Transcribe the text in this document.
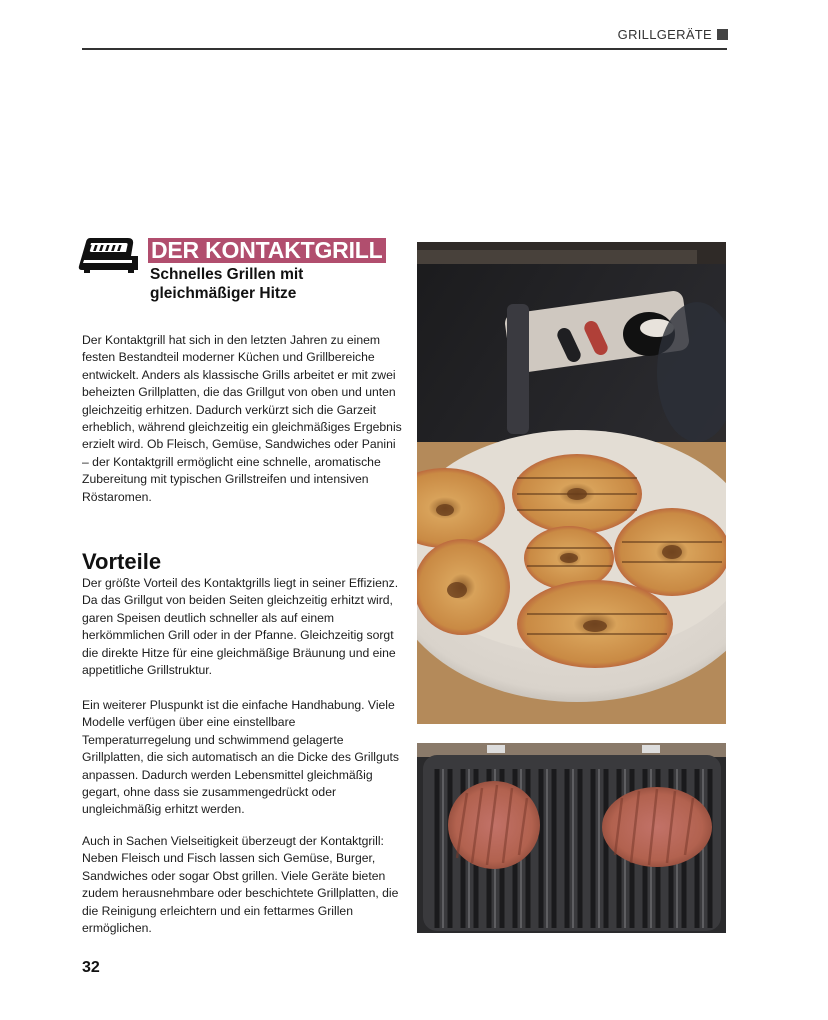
GRILLGERÄTE
DER KONTAKTGRILL
Schnelles Grillen mit gleichmäßiger Hitze

Der Kontaktgrill hat sich in den letzten Jahren zu einem festen Bestandteil moderner Küchen und Grillbereiche entwickelt. Anders als klassische Grills arbeitet er mit zwei beheizten Grillplatten, die das Grillgut von oben und unten gleichzeitig erhitzen. Dadurch verkürzt sich die Garzeit erheblich, während gleichzeitig ein gleichmäßiges Ergebnis erzielt wird. Ob Fleisch, Gemüse, Sandwiches oder Panini – der Kontaktgrill ermöglicht eine schnelle, aromatische Zubereitung mit typischen Grillstreifen und intensiven Röstaromen.

Vorteile

Der größte Vorteil des Kontaktgrills liegt in seiner Effizienz. Da das Grillgut von beiden Seiten gleichzeitig erhitzt wird, garen Speisen deutlich schneller als auf einem herkömmlichen Grill oder in der Pfanne. Gleichzeitig sorgt die direkte Hitze für eine gleichmäßige Bräunung und eine appetitliche Grillstruktur.

Ein weiterer Pluspunkt ist die einfache Handhabung. Viele Modelle verfügen über eine einstellbare Temperaturregelung und schwimmend gelagerte Grillplatten, die sich automatisch an die Dicke des Grillguts anpassen. Dadurch werden Lebensmittel gleichmäßig gegart, ohne dass sie zusammengedrückt oder ungleichmäßig erhitzt werden.

Auch in Sachen Vielseitigkeit überzeugt der Kontaktgrill: Neben Fleisch und Fisch lassen sich Gemüse, Burger, Sandwiches oder sogar Obst grillen. Viele Geräte bieten zudem herausnehmbare oder beschichtete Grillplatten, die die Reinigung erleichtern und ein fettarmes Grillen ermöglichen.

32
